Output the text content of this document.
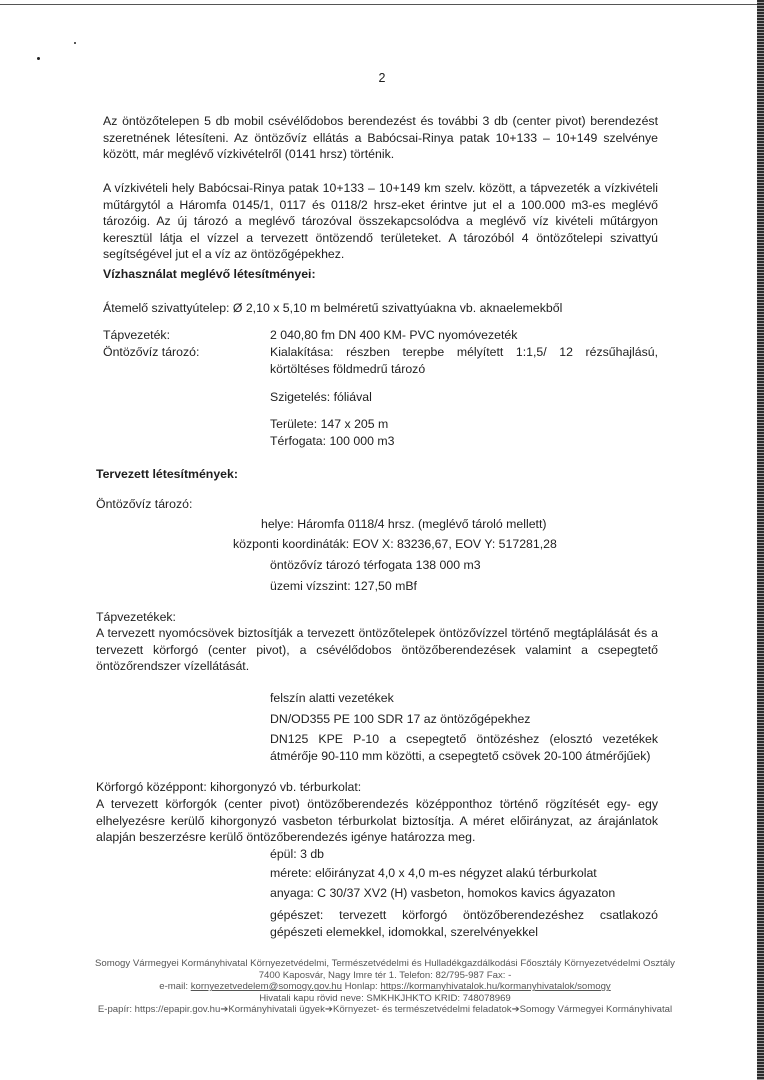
2
Az öntözőtelepen 5 db mobil csévélődobos berendezést és további 3 db (center pivot) berendezést szeretnének létesíteni. Az öntözővíz ellátás a Babócsai-Rinya patak 10+133 – 10+149 szelvénye között, már meglévő vízkivételről (0141 hrsz) történik.
A vízkivételi hely Babócsai-Rinya patak 10+133 – 10+149 km szelv. között, a tápvezeték a vízkivételi műtárgytól a Háromfa 0145/1, 0117 és 0118/2 hrsz-eket érintve jut el a 100.000 m3-es meglévő tározóig. Az új tározó a meglévő tározóval összekapcsolódva a meglévő víz kivételi műtárgyon keresztül látja el vízzel a tervezett öntözendő területeket. A tározóból 4 öntözőtelepi szivattyú segítségével jut el a víz az öntözőgépekhez.
Vízhasználat meglévő létesítményei:
Átemelő szivattyútelep: Ø 2,10 x 5,10 m belméretű szivattyúakna vb. aknaelemekből
Tápvezeték:	2 040,80 fm DN 400 KM- PVC nyomóvezeték
Öntözővíz tározó:	Kialakítása: részben terepbe mélyített 1:1,5/ 12 rézsűhajlású, körtöltéses földmedrű tározó
Szigetelés: fóliával
Területe: 147 x 205 m
Térfogata: 100 000 m3
Tervezett létesítmények:
Öntözővíz tározó:
helye: Háromfa 0118/4 hrsz. (meglévő tároló mellett)
központi koordináták: EOV X: 83236,67, EOV Y: 517281,28
öntözővíz tározó térfogata 138 000 m3
üzemi vízszint: 127,50 mBf
Tápvezetékek:
A tervezett nyomócsövek biztosítják a tervezett öntözőtelepek öntözővízzel történő megtáplálását és a tervezett körforgó (center pivot), a csévélődobos öntözőberendezések valamint a csepegtető öntözőrendszer vízellátását.
felszín alatti vezetékek
DN/OD355 PE 100 SDR 17 az öntözőgépekhez
DN125 KPE P-10 a csepegtető öntözéshez (elosztó vezetékek átmérője 90-110 mm közötti, a csepegtető csövek 20-100 átmérőjűek)
Körforgó középpont: kihorgonyzó vb. térburkolat:
A tervezett körforgók (center pivot) öntözőberendezés középponthoz történő rögzítését egy- egy elhelyezésre kerülő kihorgonyzó vasbeton térburkolat biztosítja. A méret előirányzat, az árajánlatok alapján beszerzésre kerülő öntözőberendezés igénye határozza meg.
épül: 3 db
mérete: előirányzat 4,0 x 4,0 m-es négyzet alakú térburkolat
anyaga: C 30/37 XV2 (H) vasbeton, homokos kavics ágyazaton
gépészet: tervezett körforgó öntözőberendezéshez csatlakozó gépészeti elemekkel, idomokkal, szerelvényekkel
Somogy Vármegyei Kormányhivatal Környezetvédelmi, Természetvédelmi és Hulladékgazdálkodási Főosztály Környezetvédelmi Osztály
7400 Kaposvár, Nagy Imre tér 1. Telefon: 82/795-987 Fax: -
e-mail: kornyezetvedelem@somogy.gov.hu Honlap: https://kormanyhivatalok.hu/kormanyhivatalok/somogy
Hivatali kapu rövid neve: SMKHKJHKTO KRID: 748078969
E-papír: https://epapir.gov.hu➔Kormányhivatali ügyek➔Környezet- és természetvédelmi feladatok➔Somogy Vármegyei Kormányhivatal
